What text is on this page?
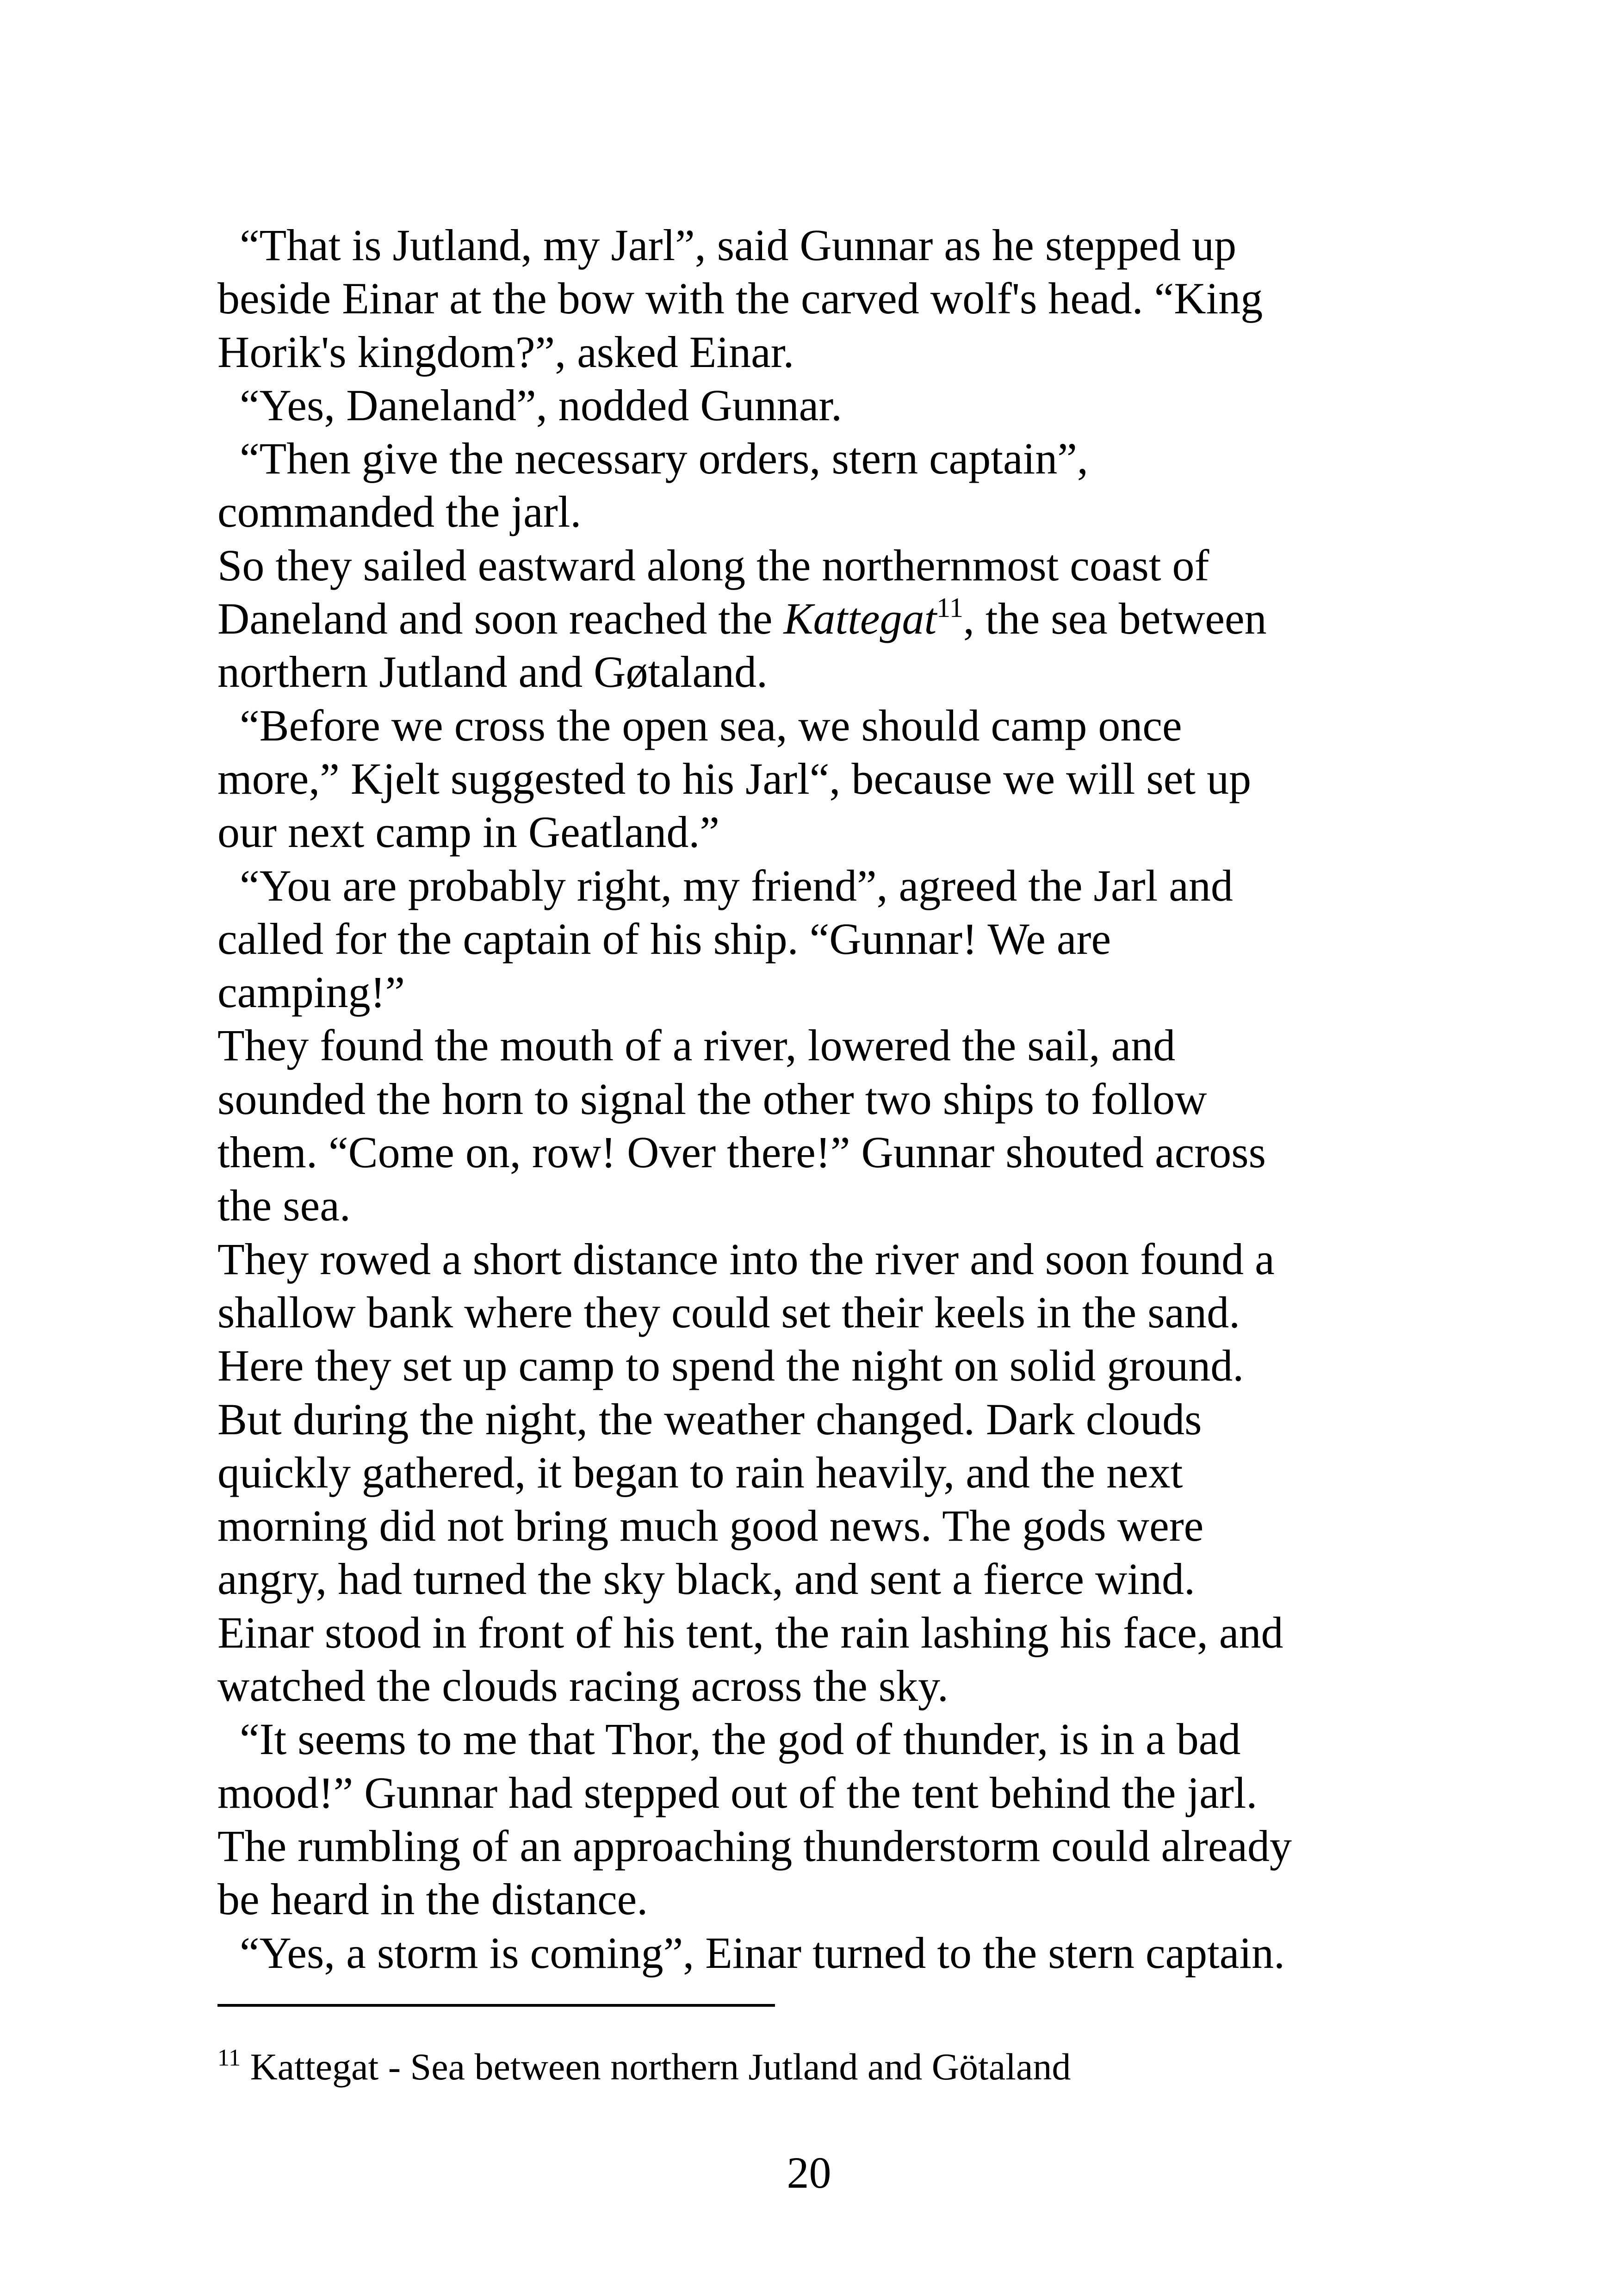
“That is Jutland, my Jarl”, said Gunnar as he stepped up
beside Einar at the bow with the carved wolf's head. “King
Horik's kingdom?”, asked Einar.
“Yes, Daneland”, nodded Gunnar.
“Then give the necessary orders, stern captain”,
commanded the jarl.
So they sailed eastward along the northernmost coast of
Daneland and soon reached the Kattegat$^{11}$, the sea between
northern Jutland and Gøtaland.
“Before we cross the open sea, we should camp once
more,” Kjelt suggested to his Jarl“, because we will set up
our next camp in Geatland.”
“You are probably right, my friend”, agreed the Jarl and
called for the captain of his ship. “Gunnar! We are
camping!”
They found the mouth of a river, lowered the sail, and
sounded the horn to signal the other two ships to follow
them. “Come on, row! Over there!” Gunnar shouted across
the sea.
They rowed a short distance into the river and soon found a
shallow bank where they could set their keels in the sand.
Here they set up camp to spend the night on solid ground.
But during the night, the weather changed. Dark clouds
quickly gathered, it began to rain heavily, and the next
morning did not bring much good news. The gods were
angry, had turned the sky black, and sent a fierce wind.
Einar stood in front of his tent, the rain lashing his face, and
watched the clouds racing across the sky.
“It seems to me that Thor, the god of thunder, is in a bad
mood!” Gunnar had stepped out of the tent behind the jarl.
The rumbling of an approaching thunderstorm could already
be heard in the distance.
“Yes, a storm is coming”, Einar turned to the stern captain.
$^{11}$ Kattegat - Sea between northern Jutland and Götaland
20
